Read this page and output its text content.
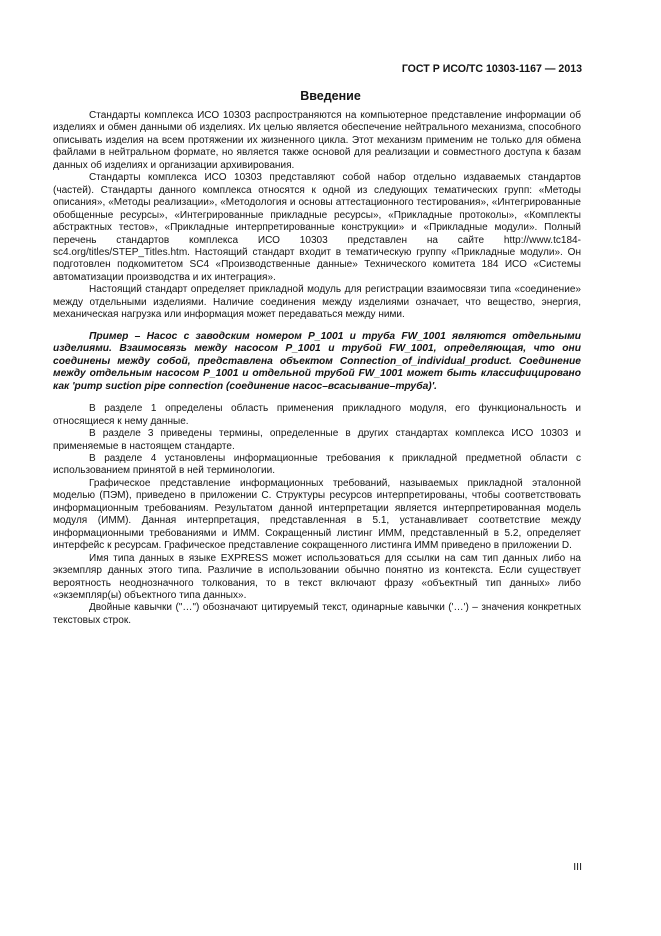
ГОСТ Р ИСО/ТС 10303-1167 — 2013
Введение

Стандарты комплекса ИСО 10303 распространяются на компьютерное представление информации об изделиях и обмен данными об изделиях. Их целью является обеспечение нейтрального механизма, способного описывать изделия на всем протяжении их жизненного цикла. Этот механизм применим не только для обмена файлами в нейтральном формате, но является также основой для реализации и совместного доступа к базам данных об изделиях и организации архивирования.

Стандарты комплекса ИСО 10303 представляют собой набор отдельно издаваемых стандартов (частей). Стандарты данного комплекса относятся к одной из следующих тематических групп: «Методы описания», «Методы реализации», «Методология и основы аттестационного тестирования», «Интегрированные обобщенные ресурсы», «Интегрированные прикладные ресурсы», «Прикладные протоколы», «Комплекты абстрактных тестов», «Прикладные интерпретированные конструкции» и «Прикладные модули». Полный перечень стандартов комплекса ИСО 10303 представлен на сайте http://www.tc184-sc4.org/titles/STEP_Titles.htm. Настоящий стандарт входит в тематическую группу «Прикладные модули». Он подготовлен подкомитетом SC4 «Производственные данные» Технического комитета 184 ИСО «Системы автоматизации производства и их интеграция».

Настоящий стандарт определяет прикладной модуль для регистрации взаимосвязи типа «соединение» между отдельными изделиями. Наличие соединения между изделиями означает, что вещество, энергия, механическая нагрузка или информация может передаваться между ними.

Пример – Насос с заводским номером P_1001 и труба FW_1001 являются отдельными изделиями. Взаимосвязь между насосом P_1001 и трубой FW_1001, определяющая, что они соединены между собой, представлена объектом Connection_of_individual_product. Соединение между отдельным насосом P_1001 и отдельной трубой FW_1001 может быть классифицировано как 'pump suction pipe connection (соединение насос–всасывание–труба)'.

В разделе 1 определены область применения прикладного модуля, его функциональность и относящиеся к нему данные.

В разделе 3 приведены термины, определенные в других стандартах комплекса ИСО 10303 и применяемые в настоящем стандарте.

В разделе 4 установлены информационные требования к прикладной предметной области с использованием принятой в ней терминологии.

Графическое представление информационных требований, называемых прикладной эталонной моделью (ПЭМ), приведено в приложении С. Структуры ресурсов интерпретированы, чтобы соответствовать информационным требованиям. Результатом данной интерпретации является интерпретированная модель модуля (ИММ). Данная интерпретация, представленная в 5.1, устанавливает соответствие между информационными требованиями и ИММ. Сокращенный листинг ИММ, представленный в 5.2, определяет интерфейс к ресурсам. Графическое представление сокращенного листинга ИММ приведено в приложении D.

Имя типа данных в языке EXPRESS может использоваться для ссылки на сам тип данных либо на экземпляр данных этого типа. Различие в использовании обычно понятно из контекста. Если существует вероятность неоднозначного толкования, то в текст включают фразу «объектный тип данных» либо «экземпляр(ы) объектного типа данных».

Двойные кавычки ("…") обозначают цитируемый текст, одинарные кавычки ('…') – значения конкретных текстовых строк.

III
